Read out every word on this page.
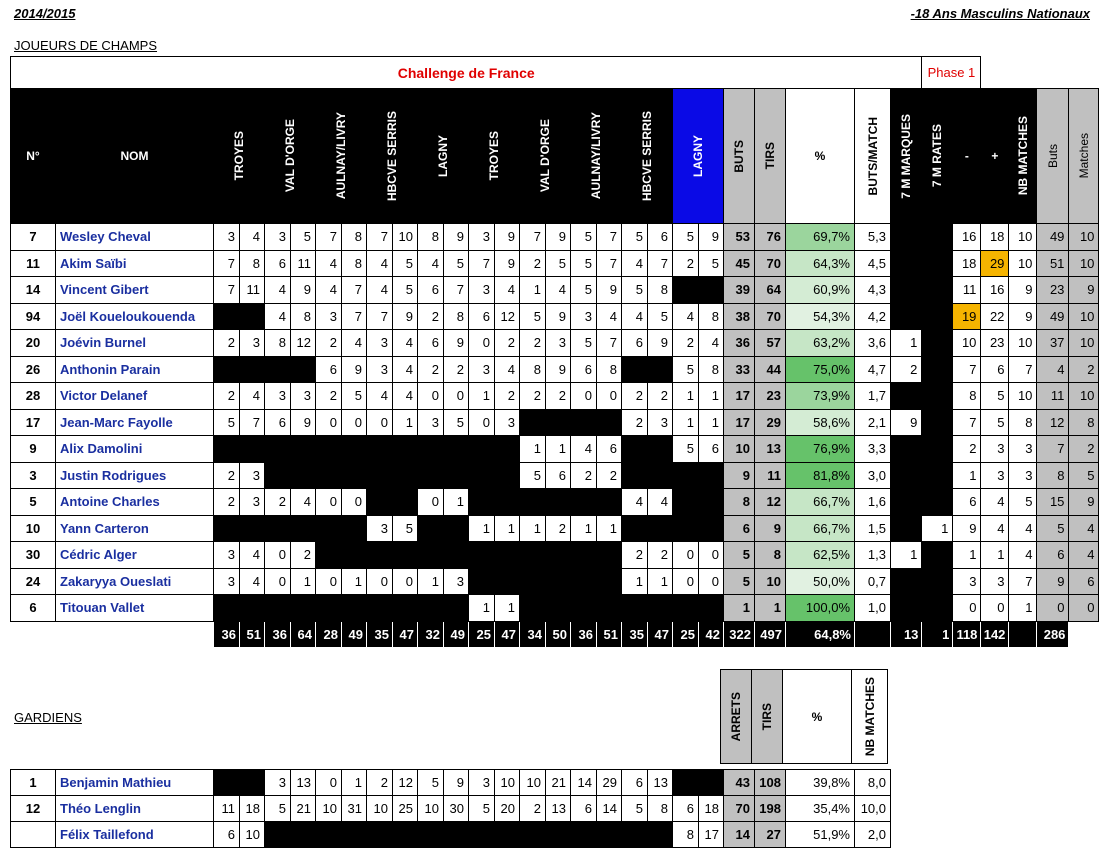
2014/2015	-18 Ans Masculins Nationaux
JOUEURS DE CHAMPS
Challenge de France																											Phase 1					
N°	NOM	TROYES		VAL D'ORGE		AULNAY/LIVRY		HBCVE SERRIS		LAGNY		TROYES		VAL D'ORGE		AULNAY/LIVRY		HBCVE SERRIS		LAGNY		BUTS	TIRS	%	BUTS/MATCH	7 M MARQUES	7 M RATES	-	+	NB MATCHES	Buts	Matches

7	Wesley Cheval	3	4	3	5	7	8	7	10	8	9	3	9	7	9	5	7	5	6	5	9	53	76	69,7%	5,3			16	18	10	49	10
11	Akim Saïbi	7	8	6	11	4	8	4	5	4	5	7	9	2	5	5	7	4	7	2	5	45	70	64,3%	4,5			18	29	10	51	10
14	Vincent Gibert	7	11	4	9	4	7	4	5	6	7	3	4	1	4	5	9	5	8			39	64	60,9%	4,3			11	16	9	23	9
94	Joël Koueloukouenda			4	8	3	7	7	9	2	8	6	12	5	9	3	4	4	5	4	8	38	70	54,3%	4,2			19	22	9	49	10
20	Joévin Burnel	2	3	8	12	2	4	3	4	6	9	0	2	2	3	5	7	6	9	2	4	36	57	63,2%	3,6	1		10	23	10	37	10
26	Anthonin Parain					6	9	3	4	2	2	3	4	8	9	6	8			5	8	33	44	75,0%	4,7	2		7	6	7	4	2
28	Victor Delanef	2	4	3	3	2	5	4	4	0	0	1	2	2	2	0	0	2	2	1	1	17	23	73,9%	1,7			8	5	10	11	10
17	Jean-Marc Fayolle	5	7	6	9	0	0	0	1	3	5	0	3					2	3	1	1	17	29	58,6%	2,1	9		7	5	8	12	8
9	Alix Damolini													1	1	4	6			5	6	10	13	76,9%	3,3			2	3	3	7	2
3	Justin Rodrigues	2	3											5	6	2	2					9	11	81,8%	3,0			1	3	3	8	5
5	Antoine Charles	2	3	2	4	0	0			0	1							4	4			8	12	66,7%	1,6			6	4	5	15	9
10	Yann Carteron							3	5			1	1	1	2	1	1					6	9	66,7%	1,5		1	9	4	4	5	4
30	Cédric Alger	3	4	0	2													2	2	0	0	5	8	62,5%	1,3	1		1	1	4	6	4
24	Zakaryya Oueslati	3	4	0	1	0	1	0	0	1	3							1	1	0	0	5	10	50,0%	0,7			3	3	7	9	6
6	Titouan Vallet											1	1									1	1	100,0%	1,0			0	0	1	0	0
		36	51	36	64	28	49	35	47	32	49	25	47	34	50	36	51	35	47	25	42	322	497	64,8%		13	1	118	142		286	
GARDIENS	ARRETS	TIRS	%	NB MATCHES
1	Benjamin Mathieu			3	13	0	1	2	12	5	9	3	10	10	21	14	29	6	13			43	108	39,8%	8,0
12	Théo Lenglin	11	18	5	21	10	31	10	25	10	30	5	20	2	13	6	14	5	8	6	18	70	198	35,4%	10,0
	Félix Taillefond	6	10																	8	17	14	27	51,9%	2,0
